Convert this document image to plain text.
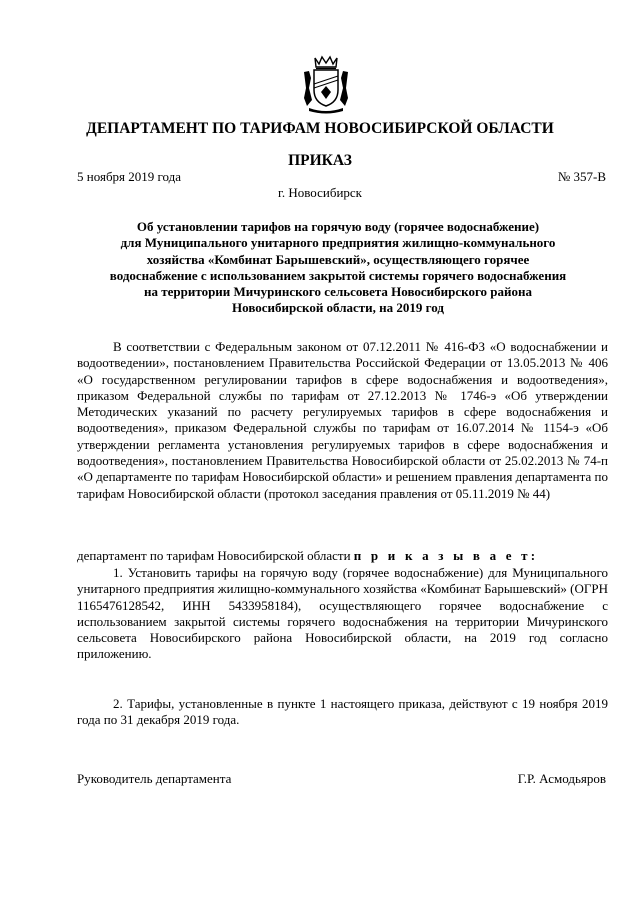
ДЕПАРТАМЕНТ ПО ТАРИФАМ НОВОСИБИРСКОЙ ОБЛАСТИ
ПРИКАЗ
5 ноября 2019 года	№ 357-В
г. Новосибирск
Об установлении тарифов на горячую воду (горячее водоснабжение)
для Муниципального унитарного предприятия жилищно-коммунального
хозяйства «Комбинат Барышевский», осуществляющего горячее
водоснабжение с использованием закрытой системы горячего водоснабжения
на территории Мичуринского сельсовета Новосибирского района
Новосибирской области, на 2019 год
В соответствии с Федеральным законом от 07.12.2011 № 416-ФЗ «О водоснабжении и водоотведении», постановлением Правительства Российской Федерации от 13.05.2013 № 406 «О государственном регулировании тарифов в сфере водоснабжения и водоотведения», приказом Федеральной службы по тарифам от 27.12.2013 № 1746-э «Об утверждении Методических указаний по расчету регулируемых тарифов в сфере водоснабжения и водоотведения», приказом Федеральной службы по тарифам от 16.07.2014 № 1154-э «Об утверждении регламента установления регулируемых тарифов в сфере водоснабжения и водоотведения», постановлением Правительства Новосибирской области от 25.02.2013 № 74-п «О департаменте по тарифам Новосибирской области» и решением правления департамента по тарифам Новосибирской области (протокол заседания правления от 05.11.2019 № 44)
департамент по тарифам Новосибирской области п р и к а з ы в а е т:
1. Установить тарифы на горячую воду (горячее водоснабжение) для Муниципального унитарного предприятия жилищно-коммунального хозяйства «Комбинат Барышевский» (ОГРН 1165476128542, ИНН 5433958184), осуществляющего горячее водоснабжение с использованием закрытой системы горячего водоснабжения на территории Мичуринского сельсовета Новосибирского района Новосибирской области, на 2019 год согласно приложению.
2. Тарифы, установленные в пункте 1 настоящего приказа, действуют с 19 ноября 2019 года по 31 декабря 2019 года.
Руководитель департамента	Г.Р. Асмодьяров
